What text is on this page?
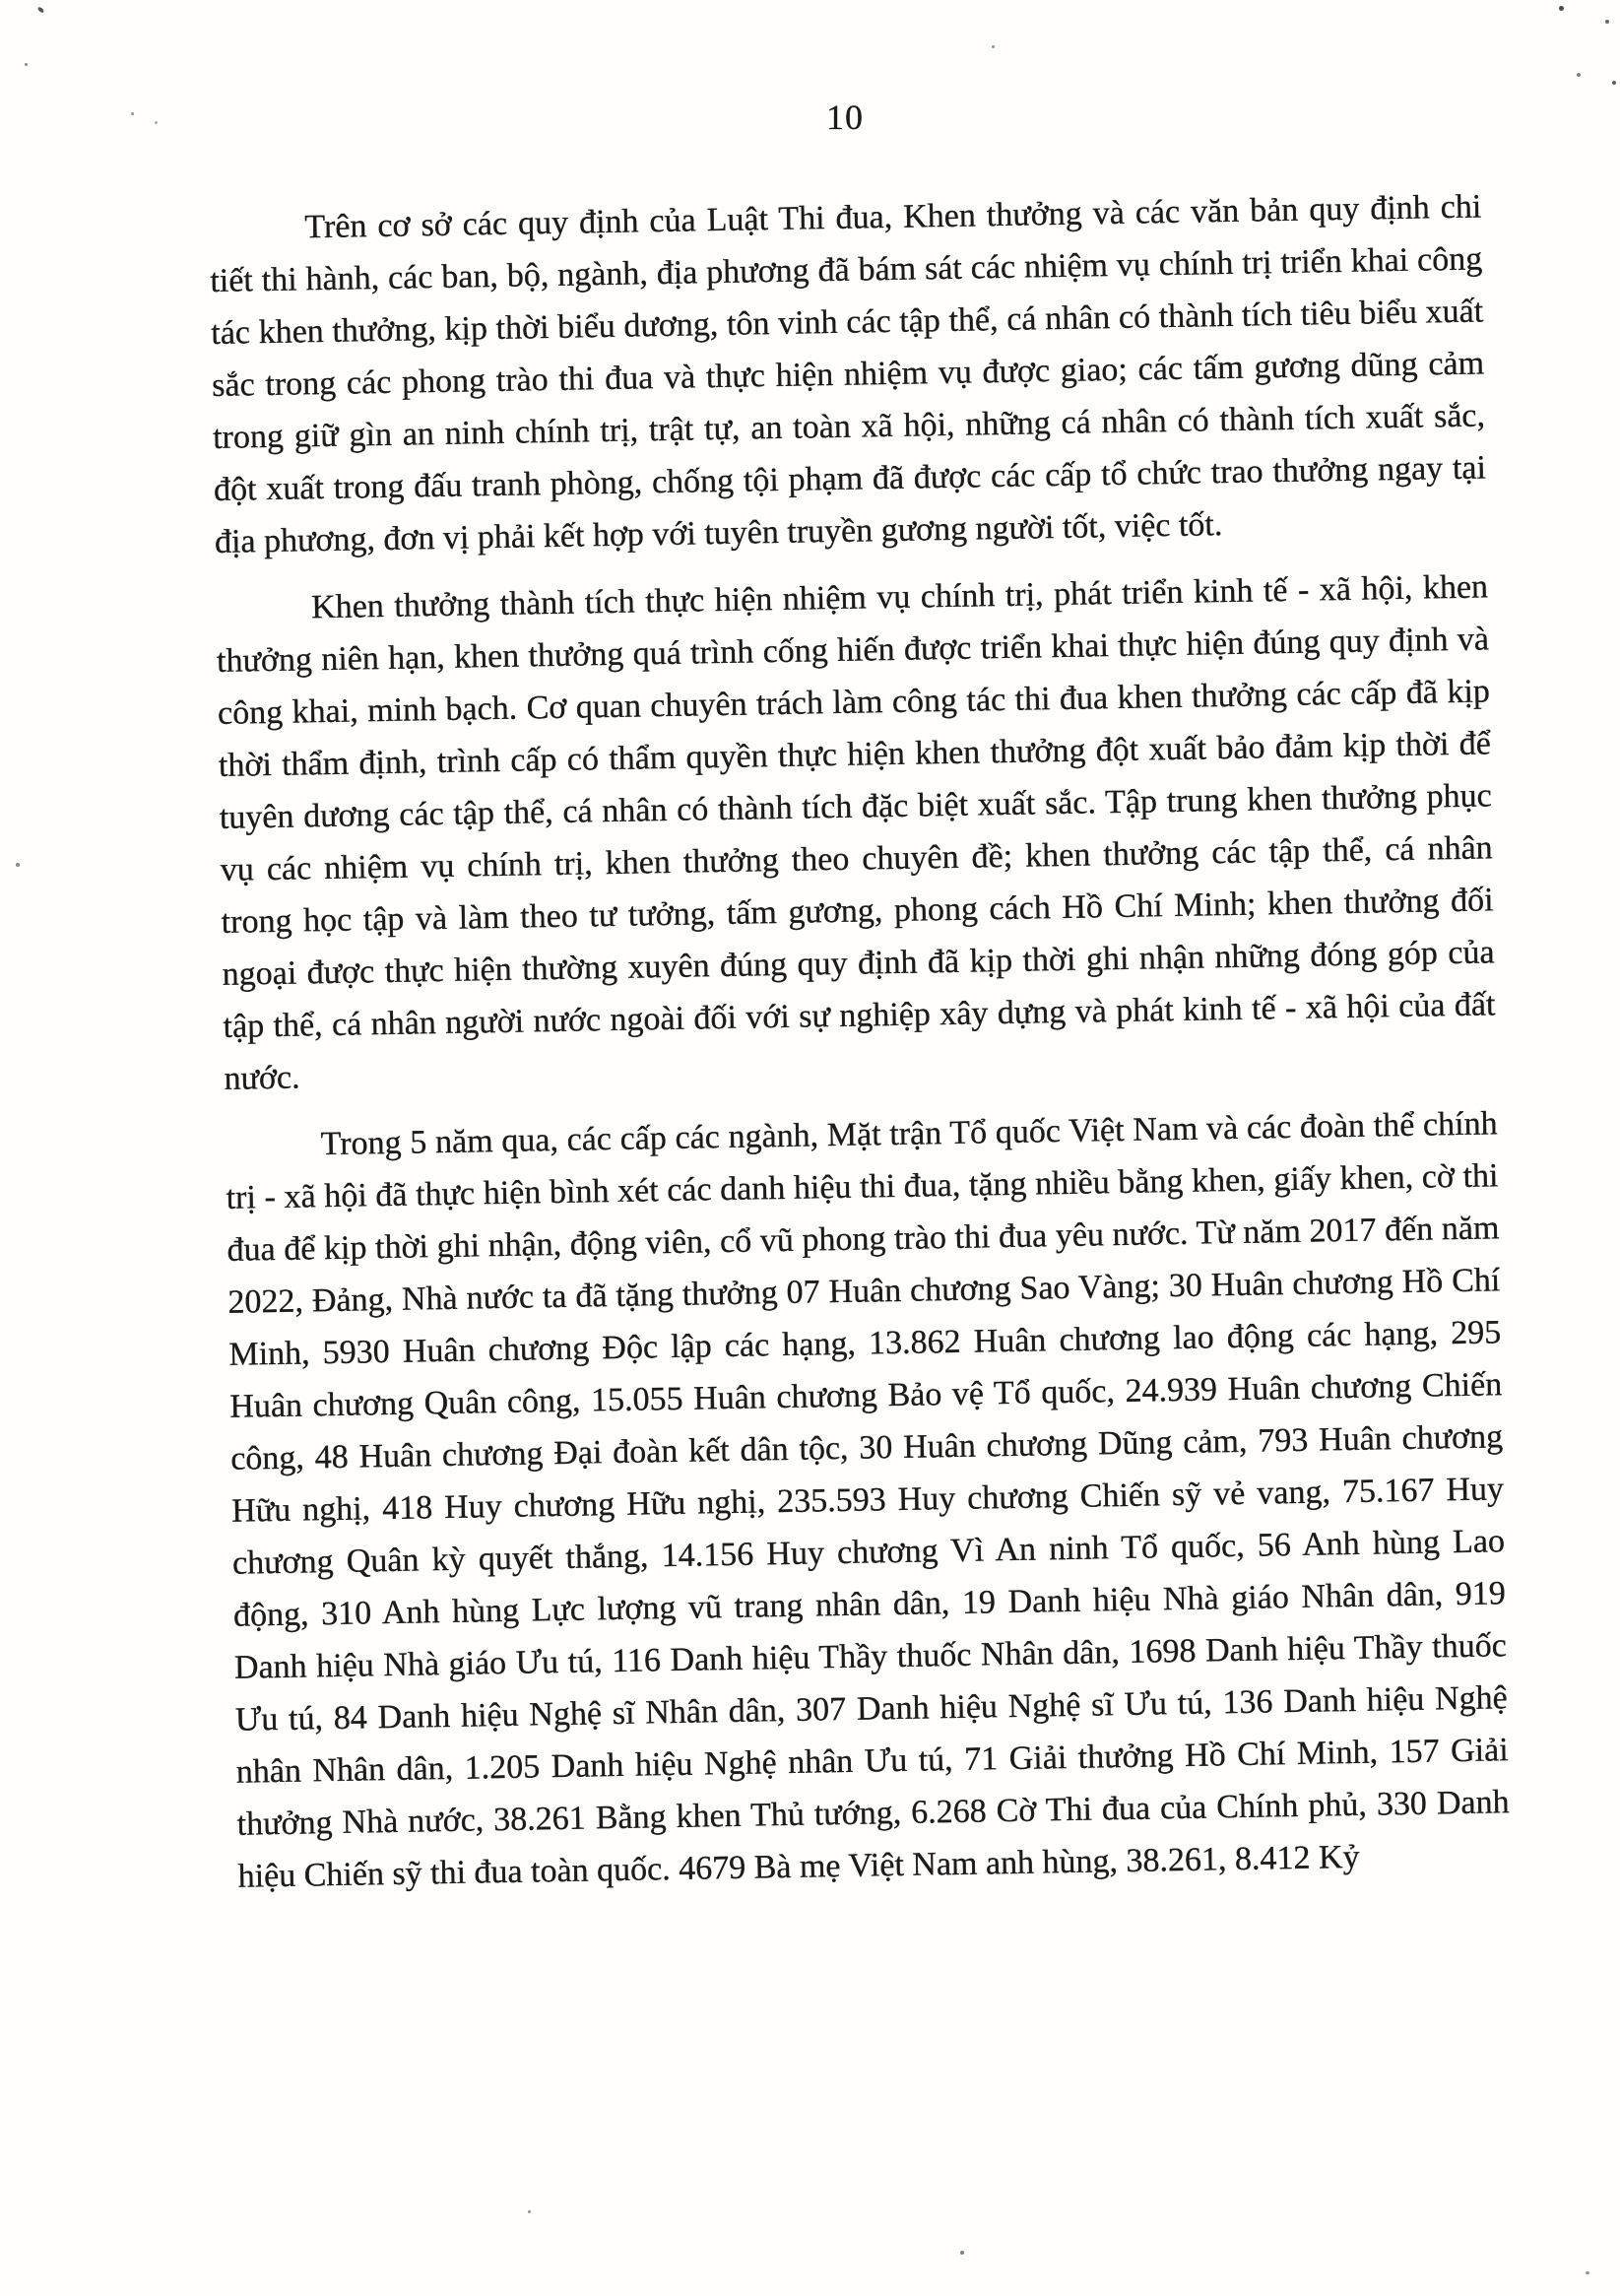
10

Trên cơ sở các quy định của Luật Thi đua, Khen thưởng và các văn bản quy định chi tiết thi hành, các ban, bộ, ngành, địa phương đã bám sát các nhiệm vụ chính trị triển khai công tác khen thưởng, kịp thời biểu dương, tôn vinh các tập thể, cá nhân có thành tích tiêu biểu xuất sắc trong các phong trào thi đua và thực hiện nhiệm vụ được giao; các tấm gương dũng cảm trong giữ gìn an ninh chính trị, trật tự, an toàn xã hội, những cá nhân có thành tích xuất sắc, đột xuất trong đấu tranh phòng, chống tội phạm đã được các cấp tổ chức trao thưởng ngay tại địa phương, đơn vị phải kết hợp với tuyên truyền gương người tốt, việc tốt.

Khen thưởng thành tích thực hiện nhiệm vụ chính trị, phát triển kinh tế - xã hội, khen thưởng niên hạn, khen thưởng quá trình cống hiến được triển khai thực hiện đúng quy định và công khai, minh bạch. Cơ quan chuyên trách làm công tác thi đua khen thưởng các cấp đã kịp thời thẩm định, trình cấp có thẩm quyền thực hiện khen thưởng đột xuất bảo đảm kịp thời để tuyên dương các tập thể, cá nhân có thành tích đặc biệt xuất sắc. Tập trung khen thưởng phục vụ các nhiệm vụ chính trị, khen thưởng theo chuyên đề; khen thưởng các tập thể, cá nhân trong học tập và làm theo tư tưởng, tấm gương, phong cách Hồ Chí Minh; khen thưởng đối ngoại được thực hiện thường xuyên đúng quy định đã kịp thời ghi nhận những đóng góp của tập thể, cá nhân người nước ngoài đối với sự nghiệp xây dựng và phát kinh tế - xã hội của đất nước.

Trong 5 năm qua, các cấp các ngành, Mặt trận Tổ quốc Việt Nam và các đoàn thể chính trị - xã hội đã thực hiện bình xét các danh hiệu thi đua, tặng nhiều bằng khen, giấy khen, cờ thi đua để kịp thời ghi nhận, động viên, cổ vũ phong trào thi đua yêu nước. Từ năm 2017 đến năm 2022, Đảng, Nhà nước ta đã tặng thưởng 07 Huân chương Sao Vàng; 30 Huân chương Hồ Chí Minh, 5930 Huân chương Độc lập các hạng, 13.862 Huân chương lao động các hạng, 295 Huân chương Quân công, 15.055 Huân chương Bảo vệ Tổ quốc, 24.939 Huân chương Chiến công, 48 Huân chương Đại đoàn kết dân tộc, 30 Huân chương Dũng cảm, 793 Huân chương Hữu nghị, 418 Huy chương Hữu nghị, 235.593 Huy chương Chiến sỹ vẻ vang, 75.167 Huy chương Quân kỳ quyết thắng, 14.156 Huy chương Vì An ninh Tổ quốc, 56 Anh hùng Lao động, 310 Anh hùng Lực lượng vũ trang nhân dân, 19 Danh hiệu Nhà giáo Nhân dân, 919 Danh hiệu Nhà giáo Ưu tú, 116 Danh hiệu Thầy thuốc Nhân dân, 1698 Danh hiệu Thầy thuốc Ưu tú, 84 Danh hiệu Nghệ sĩ Nhân dân, 307 Danh hiệu Nghệ sĩ Ưu tú, 136 Danh hiệu Nghệ nhân Nhân dân, 1.205 Danh hiệu Nghệ nhân Ưu tú, 71 Giải thưởng Hồ Chí Minh, 157 Giải thưởng Nhà nước, 38.261 Bằng khen Thủ tướng, 6.268 Cờ Thi đua của Chính phủ, 330 Danh hiệu Chiến sỹ thi đua toàn quốc. 4679 Bà mẹ Việt Nam anh hùng, 38.261, 8.412 Kỷ
